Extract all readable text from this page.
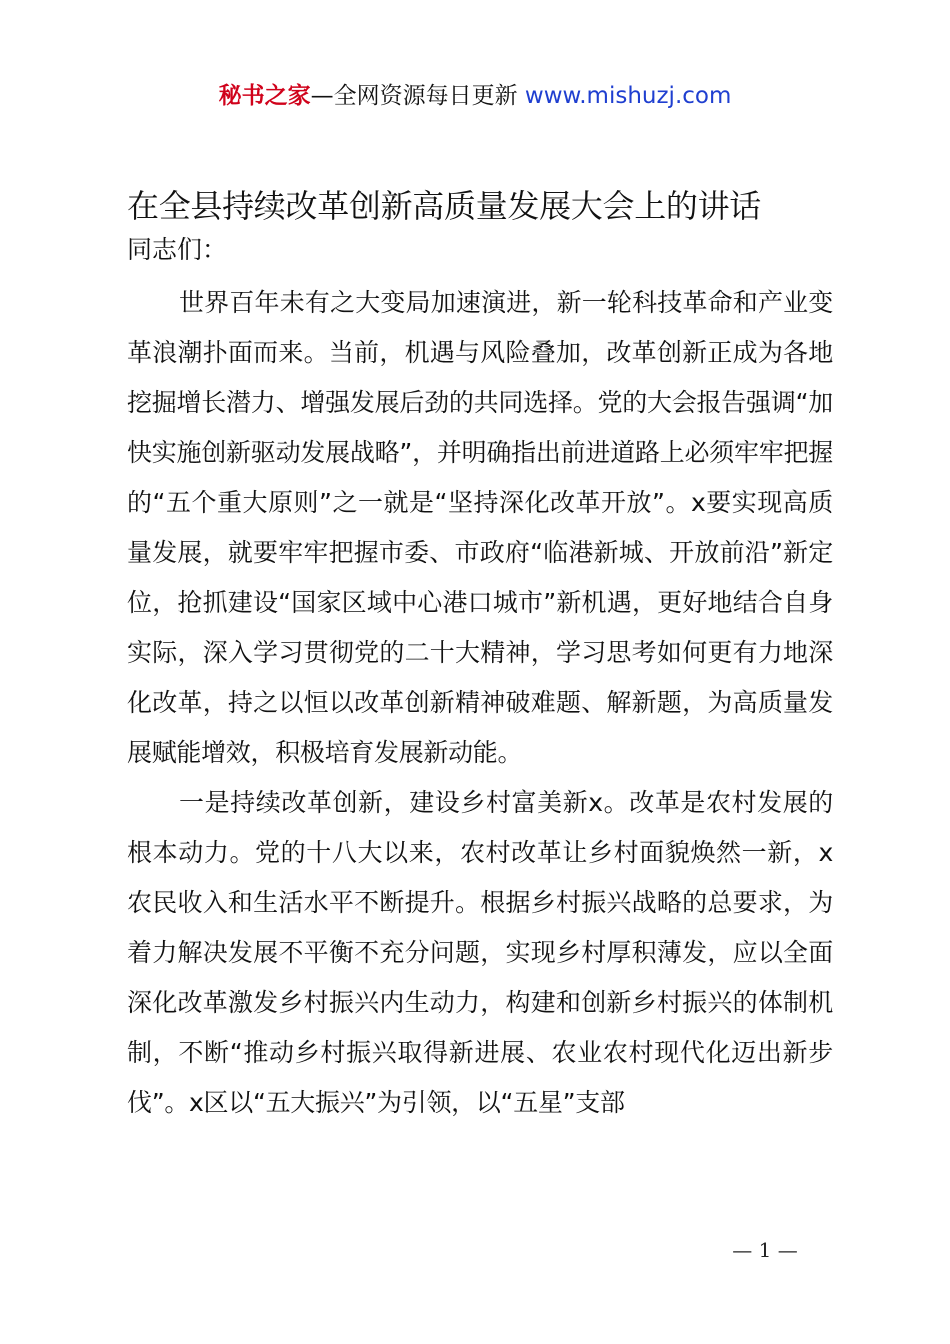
秘书之家—全网资源每日更新 www.mishuzj.com
在全县持续改革创新高质量发展大会上的讲话

同志们：

世界百年未有之大变局加速演进，新一轮科技革命和产业变革浪潮扑面而来。当前，机遇与风险叠加，改革创新正成为各地挖掘增长潜力、增强发展后劲的共同选择。党的大会报告强调“加快实施创新驱动发展战略”，并明确指出前进道路上必须牢牢把握的“五个重大原则”之一就是“坚持深化改革开放”。x要实现高质量发展，就要牢牢把握市委、市政府“临港新城、开放前沿”新定位，抢抓建设“国家区域中心港口城市”新机遇，更好地结合自身实际，深入学习贯彻党的二十大精神，学习思考如何更有力地深化改革，持之以恒以改革创新精神破难题、解新题，为高质量发展赋能增效，积极培育发展新动能。

一是持续改革创新，建设乡村富美新x。改革是农村发展的根本动力。党的十八大以来，农村改革让乡村面貌焕然一新，x农民收入和生活水平不断提升。根据乡村振兴战略的总要求，为着力解决发展不平衡不充分问题，实现乡村厚积薄发，应以全面深化改革激发乡村振兴内生动力，构建和创新乡村振兴的体制机制，不断“推动乡村振兴取得新进展、农业农村现代化迈出新步伐”。x区以“五大振兴”为引领，以“五星”支部

— 1 —
